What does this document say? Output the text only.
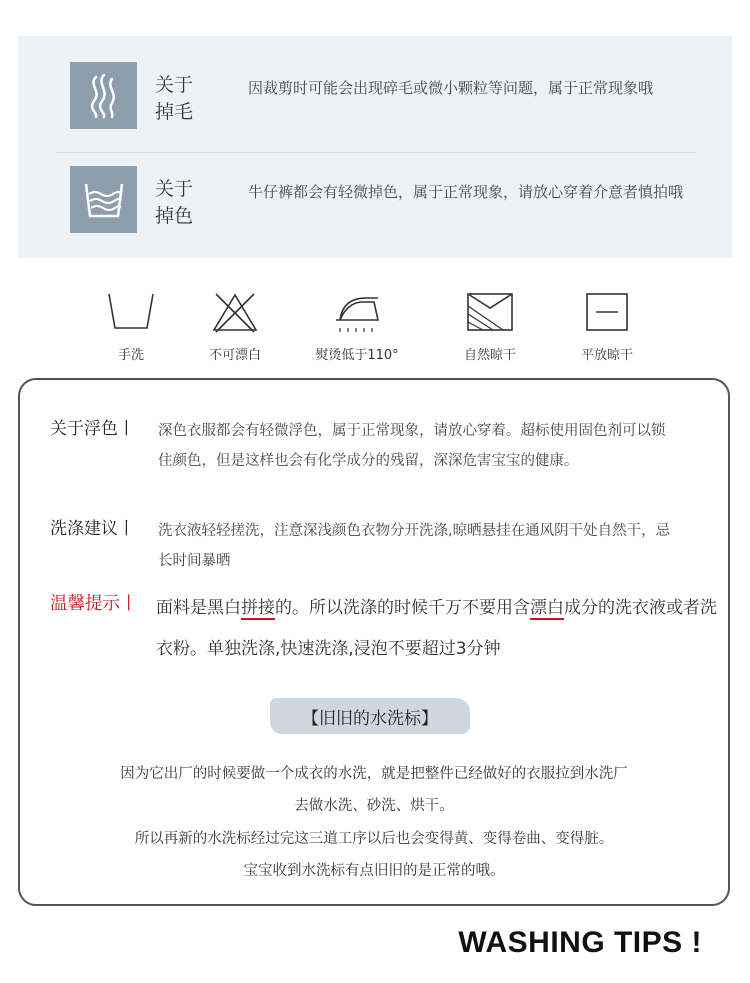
关于
掉毛
因裁剪时可能会出现碎毛或微小颗粒等问题，属于正常现象哦
关于
掉色
牛仔裤都会有轻微掉色，属于正常现象，请放心穿着介意者慎拍哦
手洗	不可漂白	熨烫低于110°	自然晾干	平放晾干
关于浮色丨 深色衣服都会有轻微浮色，属于正常现象，请放心穿着。超标使用固色剂可以锁住颜色，但是这样也会有化学成分的残留，深深危害宝宝的健康。
洗涤建议丨 洗衣液轻轻搓洗，注意深浅颜色衣物分开洗涤,晾晒悬挂在通风阴干处自然干，忌长时间暴晒
温馨提示丨 面料是黑白拼接的。所以洗涤的时候千万不要用含漂白成分的洗衣液或者洗衣粉。单独洗涤,快速洗涤,浸泡不要超过3分钟
【旧旧的水洗标】
因为它出厂的时候要做一个成衣的水洗，就是把整件已经做好的衣服拉到水洗厂
去做水洗、砂洗、烘干。
所以再新的水洗标经过完这三道工序以后也会变得黄、变得卷曲、变得脏。
宝宝收到水洗标有点旧旧的是正常的哦。
WASHING TIPS !
